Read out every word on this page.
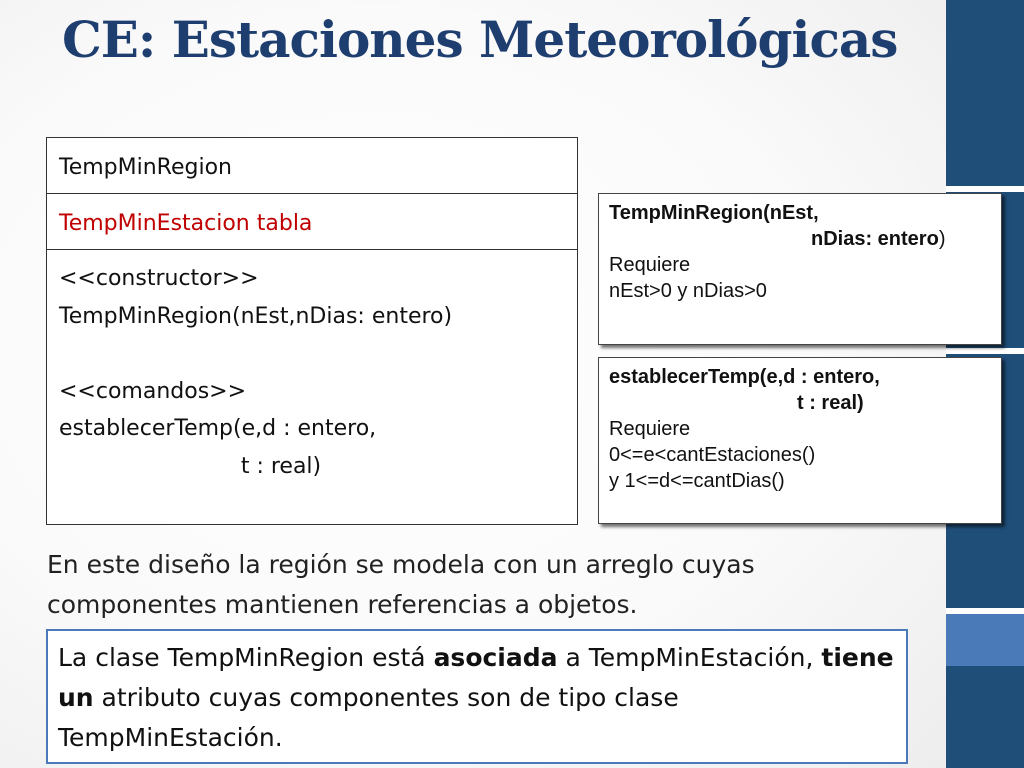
CE: Estaciones Meteorológicas
TempMinRegion
TempMinEstacion tabla
<<constructor>>
TempMinRegion(nEst,nDias: entero)
<<comandos>>
establecerTemp(e,d : entero,
t : real)
TempMinRegion(nEst,
nDias: entero)
Requiere
nEst>0 y nDias>0
establecerTemp(e,d : entero,
t : real)
Requiere
0<=e<cantEstaciones()
y 1<=d<=cantDias()

En este diseño la región se modela con un arreglo cuyas componentes mantienen referencias a objetos.

La clase TempMinRegion está asociada a TempMinEstación, tiene un atributo cuyas componentes son de tipo clase TempMinEstación.
